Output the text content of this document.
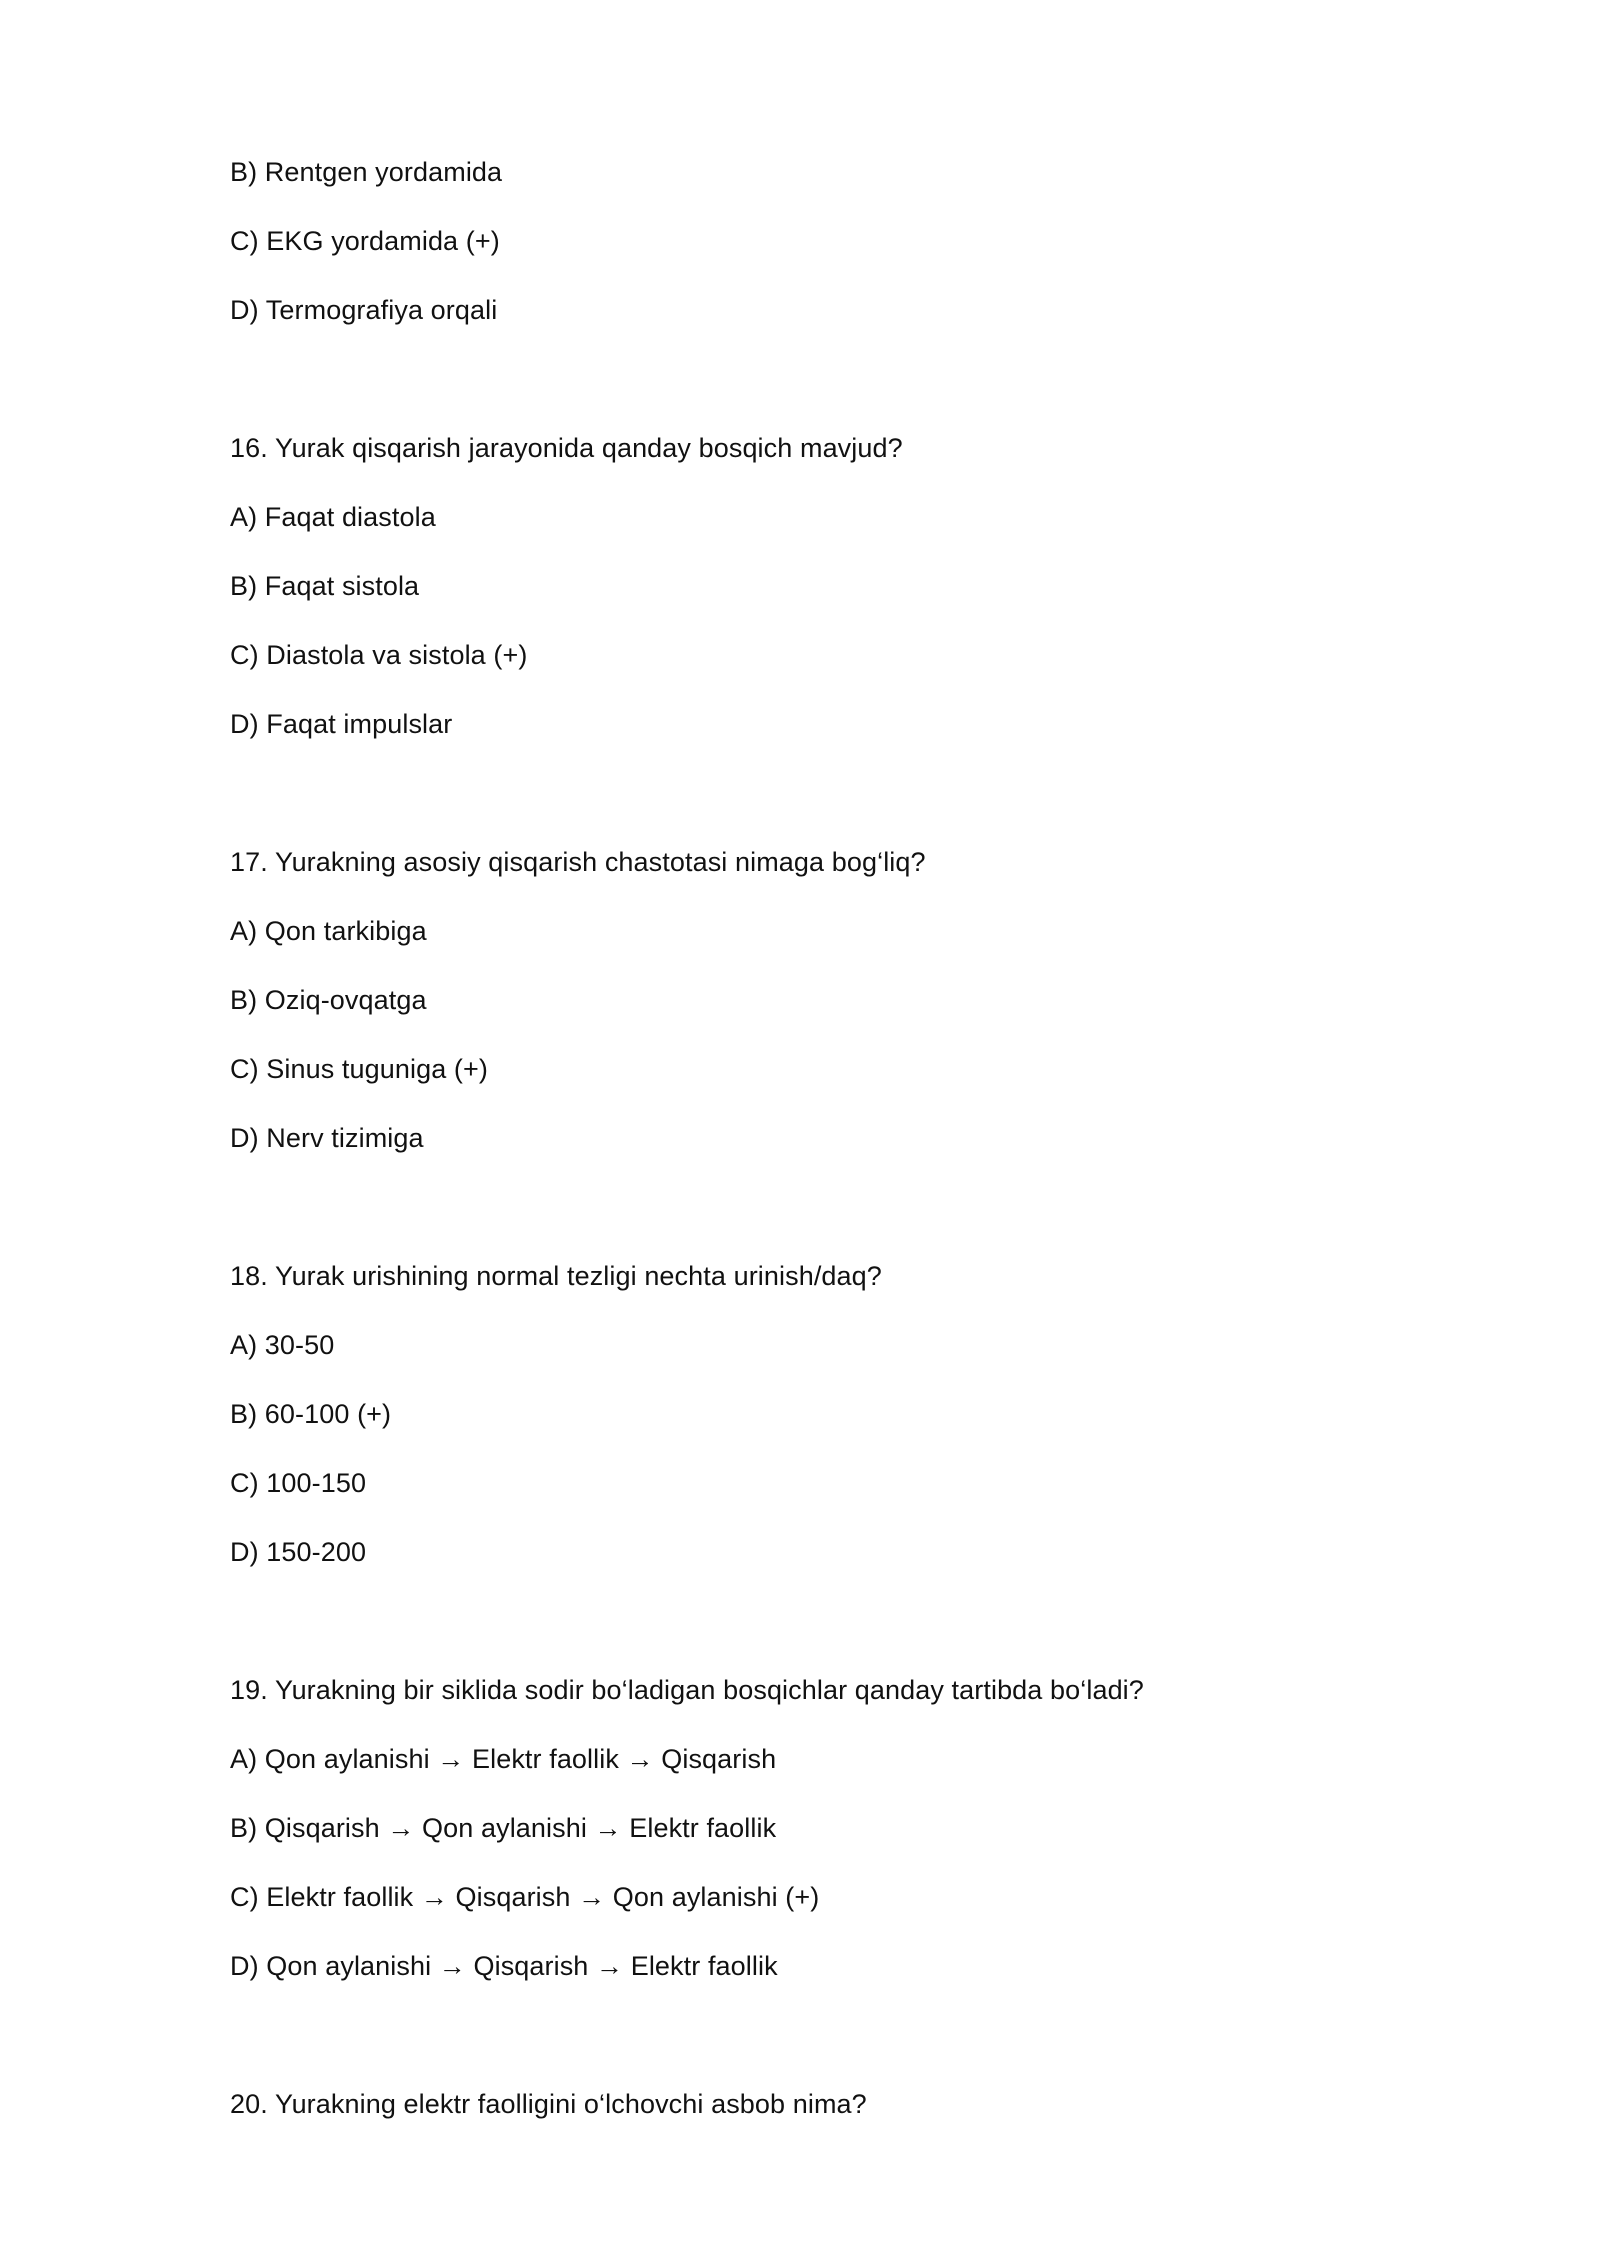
B) Rentgen yordamida
C) EKG yordamida (+)
D) Termografiya orqali
16. Yurak qisqarish jarayonida qanday bosqich mavjud?
A) Faqat diastola
B) Faqat sistola
C) Diastola va sistola (+)
D) Faqat impulslar
17. Yurakning asosiy qisqarish chastotasi nimaga bog‘liq?
A) Qon tarkibiga
B) Oziq-ovqatga
C) Sinus tuguniga (+)
D) Nerv tizimiga
18. Yurak urishining normal tezligi nechta urinish/daq?
A) 30-50
B) 60-100 (+)
C) 100-150
D) 150-200
19. Yurakning bir siklida sodir bo‘ladigan bosqichlar qanday tartibda bo‘ladi?
A) Qon aylanishi → Elektr faollik → Qisqarish
B) Qisqarish → Qon aylanishi → Elektr faollik
C) Elektr faollik → Qisqarish → Qon aylanishi (+)
D) Qon aylanishi → Qisqarish → Elektr faollik
20. Yurakning elektr faolligini o‘lchovchi asbob nima?
